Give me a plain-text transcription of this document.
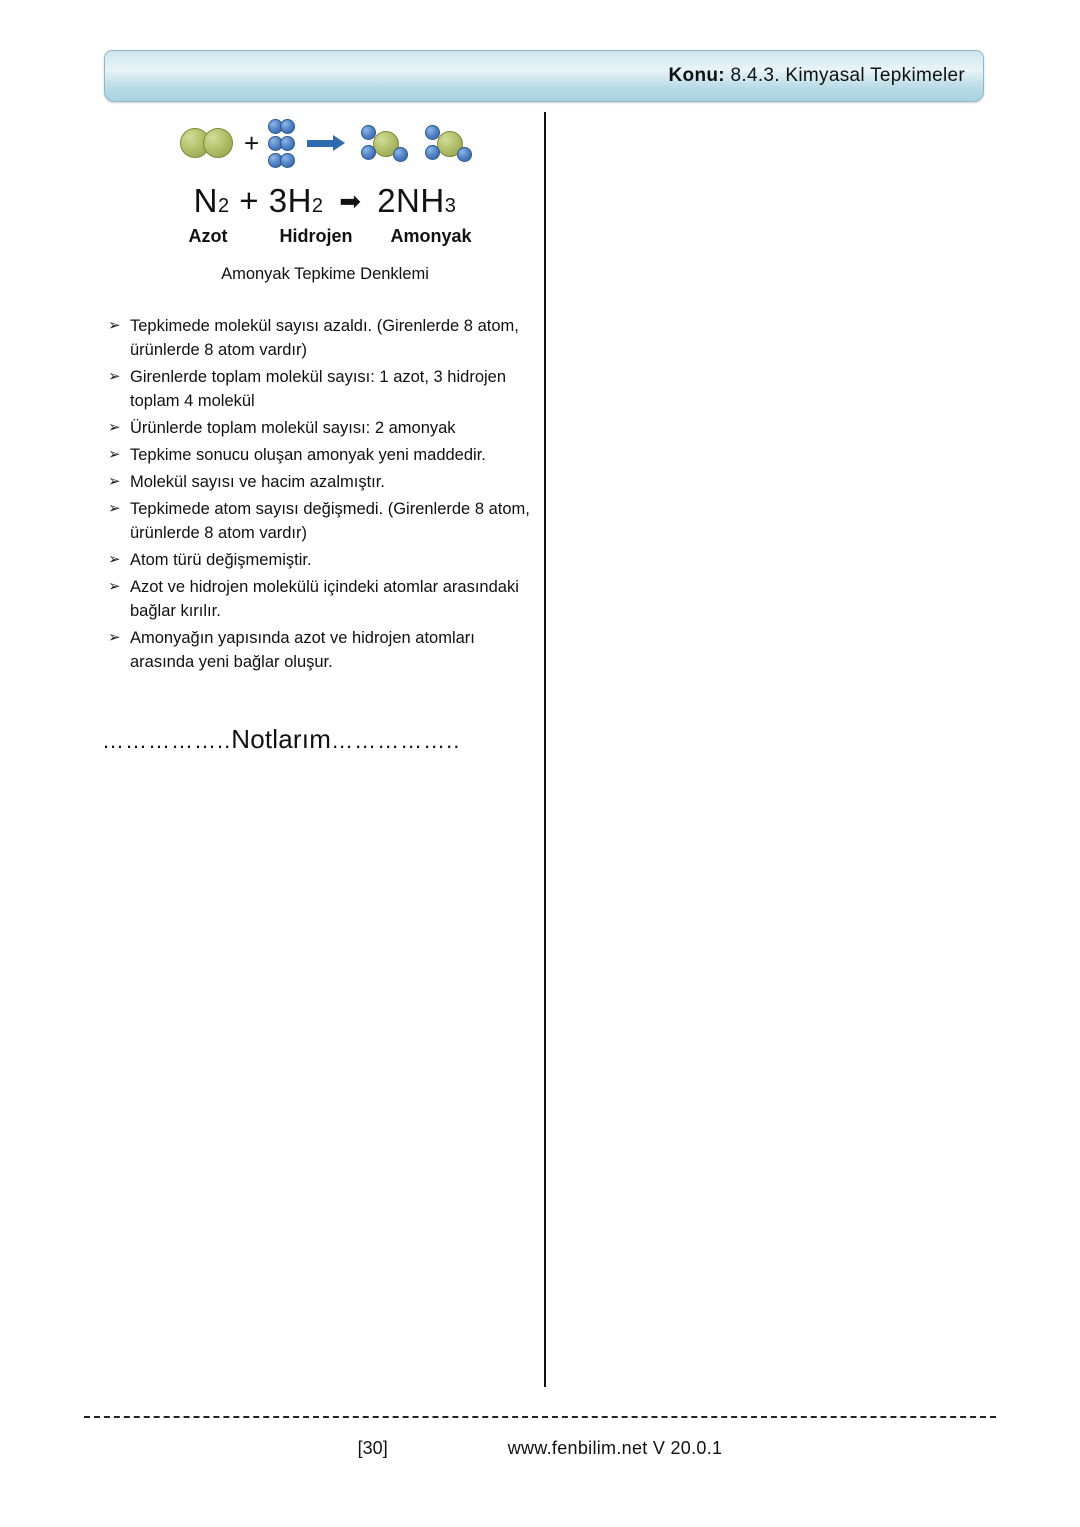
Konu: 8.4.3. Kimyasal Tepkimeler
+
N2 + 3H2 ➡ 2NH3
Azot	Hidrojen Amonyak
Amonyak Tepkime Denklemi
➢ Tepkimede molekül sayısı azaldı. (Girenlerde 8 atom, ürünlerde 8 atom vardır)
➢ Girenlerde toplam molekül sayısı: 1 azot, 3 hidrojen toplam 4 molekül
➢ Ürünlerde toplam molekül sayısı: 2 amonyak
➢ Tepkime sonucu oluşan amonyak yeni maddedir.
➢ Molekül sayısı ve hacim azalmıştır.
➢ Tepkimede atom sayısı değişmedi. (Girenlerde 8 atom, ürünlerde 8 atom vardır)
➢ Atom türü değişmemiştir.
➢ Azot ve hidrojen molekülü içindeki atomlar arasındaki bağlar kırılır.
➢ Amonyağın yapısında azot ve hidrojen atomları arasında yeni bağlar oluşur.
……………..Notlarım……………..
[30]	www.fenbilim.net V 20.0.1
